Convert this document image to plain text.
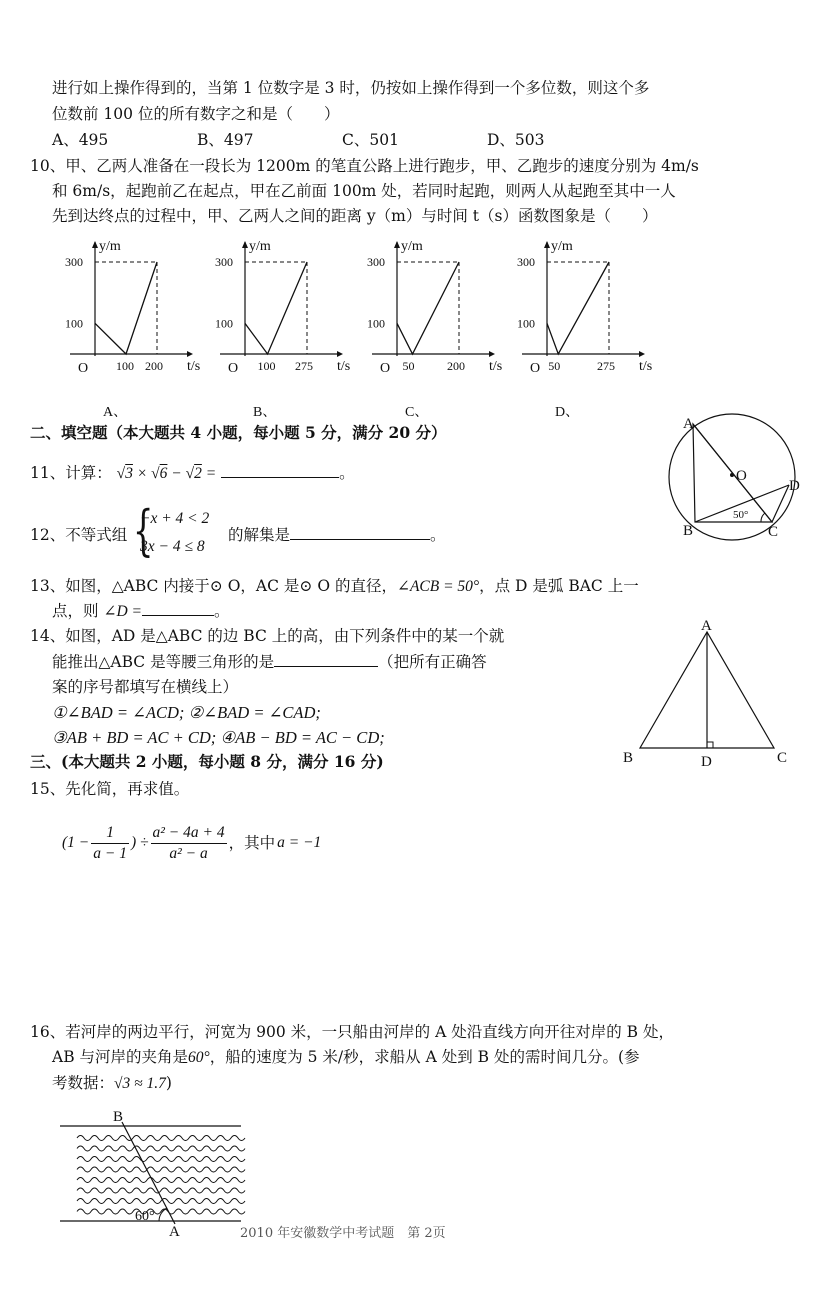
进行如上操作得到的，当第 1 位数字是 3 时，仍按如上操作得到一个多位数，则这个多
位数前 100 位的所有数字之和是（　　）
A、495	B、497	C、501	D、503
10、甲、乙两人准备在一段长为 1200m 的笔直公路上进行跑步，甲、乙跑步的速度分别为 4m/s
和 6m/s，起跑前乙在起点，甲在乙前面 100m 处，若同时起跑，则两人从起跑至其中一人
先到达终点的过程中，甲、乙两人之间的距离 y（m）与时间 t（s）函数图象是（　　）
y/m
300
100
O 100 200 t/s
A、
y/m
300
100
O 100 275 t/s
B、
y/m
300
100
O 50	200 t/s
C、
y/m
300
100
O 50	275 t/s
D、
二、填空题（本大题共 4 小题，每小题 5 分，满分 20 分）
11、计算： √3 × √6 − √2 =	。
12、不等式组 {
−x + 4 < 2
3x − 4 ≤ 8
的解集是	。
A
O
D
B	C
50°
13、如图，△ABC 内接于⊙ O，AC 是⊙ O 的直径，∠ACB = 50°，点 D 是弧 BAC 上一
点，则 ∠D =	。
14、如图，AD 是△ABC 的边 BC 上的高，由下列条件中的某一个就
能推出△ABC 是等腰三角形的是	（把所有正确答
案的序号都填写在横线上）
①∠BAD = ∠ACD; ②∠BAD = ∠CAD;
③AB + BD = AC + CD; ④AB − BD = AC − CD;
A
B	D	C
三、(本大题共 2 小题，每小题 8 分，满分 16 分)
15、先化简，再求值。
($1 - \frac{1}{a - 1}$ ) ÷ $\frac{\text{a² − 4a + 4}}{\text{a² − a}}$ ，其中 a = −1
16、若河岸的两边平行，河宽为 900 米，一只船由河岸的 A 处沿直线方向开往对岸的 B 处，
AB 与河岸的夹角是60°，船的速度为 5 米/秒，求船从 A 处到 B 处的需时间几分。(参
考数据：√3 ≈ 1.7)
B
A
60°
2010 年安徽数学中考试题　第 2页
